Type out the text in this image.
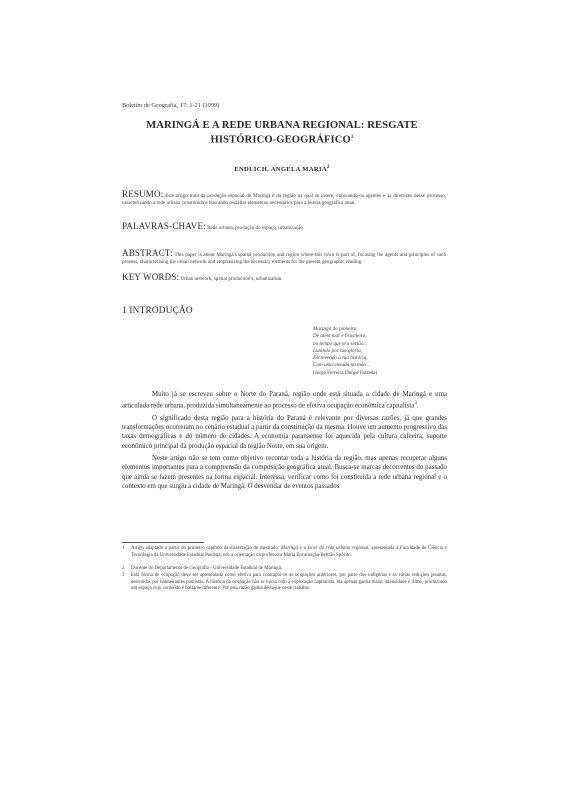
Boletim de Geografia, 17: 1-21 (1999)
MARINGÁ E A REDE URBANA REGIONAL: RESGATE
HISTÓRICO-GEOGRÁFICO$^1$
ENDLICH, ANGELA MARIA$^2$
RESUMO: Este artigo trata da produção espacial de Maringá e da região na qual se insere, enfocando os agentes e as diretrizes desse processo, caracterizando a rede urbana constituída e buscando ressaltar elementos necessários para a leitura geográfica atual.
PALAVRAS-CHAVE: Rede urbana, produção do espaço, urbanização.
ABSTRACT: This paper is about Maringá's spatial production and region where this town is part of, focusing the agents and principles of such process, characterising the urban network and emphasising the necessary elements for the present geographic reading.
KEY WORDS: Urban network, spatial production's, urbanization.
1 INTRODUÇÃO
Maringá do pioneiro
De além mar e brasileiro,
no tempo que era sertão...
Lutando por tua glória,
Escrevendo a tua história,
Com uma enxada na mão...
(Jorge Ferreira Duque Estrada)

Muito já se escreveu sobre o Norte do Paraná, região onde está situada a cidade de Maringá e uma articulada rede urbana, produzida simultaneamente ao processo de efetiva ocupação econômica capitalista$^3$.

O significado desta região para a história do Paraná é relevante por diversas razões, já que grandes transformações ocorreram no cenário estadual a partir da constituição da mesma. Houve um aumento progressivo das taxas demográficas e do número de cidades. A economia paranaense foi aquecida pela cultura cafeeira, suporte econômico principal da produção espacial da região Norte, em sua origem.

Neste artigo não se tem como objetivo recontar toda a história da região, mas apenas recuperar alguns elementos importantes para a compreensão da composição geográfica atual. Busca-se marcas decorrentes do passado que ainda se fazem presentes na forma espacial. Interessa, verificar como foi constituída a rede urbana regional e o contexto em que surgiu a cidade de Maringá. O desvendar de eventos passados

1 Artigo adaptado a partir do primeiro capítulo da dissertação de mestrado: Maringá e o tecer da rede urbana regional, apresentada à Faculdade de Ciência e Tecnologia da Universidade Estadual Paulista, sob a orientação da professora Maria Encarnação Beltrão Spósito.
2 Docente do Departamento de Geografia - Universidade Estadual de Maringá.
3 Esta forma de ocupação deve ser apresentada como efetiva para contrapor-se às ocupações anteriores, por parte dos indígenas e as várias reduções jesuítas, destruídas por bandeirantes paulistas. A história da ocupação não se inicia com a exploração capitalista, ela apenas ganha maior intensidade e ritmo, produzindo um espaço cujo conteúdo é bastante diferente. Por esta razão ganha destaque neste trabalho.
